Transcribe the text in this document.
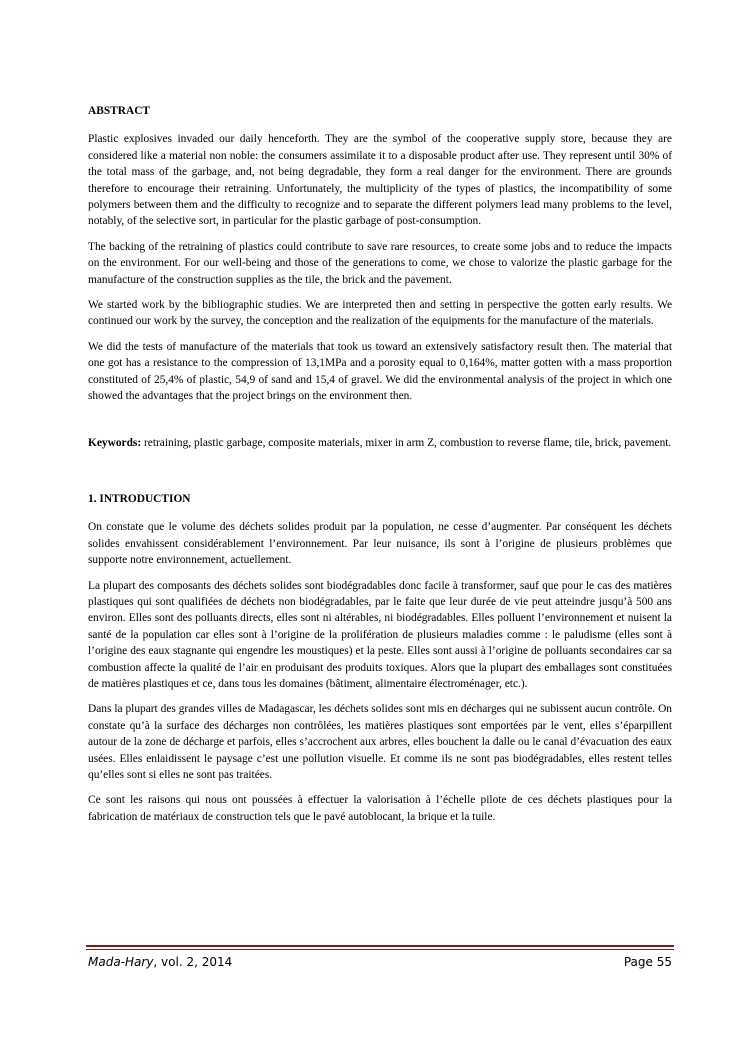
ABSTRACT

Plastic explosives invaded our daily henceforth. They are the symbol of the cooperative supply store, because they are considered like a material non noble: the consumers assimilate it to a disposable product after use. They represent until 30% of the total mass of the garbage, and, not being degradable, they form a real danger for the environment. There are grounds therefore to encourage their retraining. Unfortunately, the multiplicity of the types of plastics, the incompatibility of some polymers between them and the difficulty to recognize and to separate the different polymers lead many problems to the level, notably, of the selective sort, in particular for the plastic garbage of post-consumption.

The backing of the retraining of plastics could contribute to save rare resources, to create some jobs and to reduce the impacts on the environment. For our well-being and those of the generations to come, we chose to valorize the plastic garbage for the manufacture of the construction supplies as the tile, the brick and the pavement.

We started work by the bibliographic studies. We are interpreted then and setting in perspective the gotten early results. We continued our work by the survey, the conception and the realization of the equipments for the manufacture of the materials.

We did the tests of manufacture of the materials that took us toward an extensively satisfactory result then. The material that one got has a resistance to the compression of 13,1MPa and a porosity equal to 0,164%, matter gotten with a mass proportion constituted of 25,4% of plastic, 54,9 of sand and 15,4 of gravel. We did the environmental analysis of the project in which one showed the advantages that the project brings on the environment then.

Keywords: retraining, plastic garbage, composite materials, mixer in arm Z, combustion to reverse flame, tile, brick, pavement.

1. INTRODUCTION

On constate que le volume des déchets solides produit par la population, ne cesse d’augmenter. Par conséquent les déchets solides envahissent considérablement l’environnement. Par leur nuisance, ils sont à l’origine de plusieurs problèmes que supporte notre environnement, actuellement.

La plupart des composants des déchets solides sont biodégradables donc facile à transformer, sauf que pour le cas des matières plastiques qui sont qualifiées de déchets non biodégradables, par le faite que leur durée de vie peut atteindre jusqu’à 500 ans environ. Elles sont des polluants directs, elles sont ni altérables, ni biodégradables. Elles polluent l’environnement et nuisent la santé de la population car elles sont à l’origine de la prolifération de plusieurs maladies comme : le paludisme (elles sont à l’origine des eaux stagnante qui engendre les moustiques) et la peste. Elles sont aussi à l’origine de polluants secondaires car sa combustion affecte la qualité de l’air en produisant des produits toxiques. Alors que la plupart des emballages sont constituées de matières plastiques et ce, dans tous les domaines (bâtiment, alimentaire électroménager, etc.).

Dans la plupart des grandes villes de Madagascar, les déchets solides sont mis en décharges qui ne subissent aucun contrôle. On constate qu’à la surface des décharges non contrôlées, les matières plastiques sont emportées par le vent, elles s’éparpillent autour de la zone de décharge et parfois, elles s’accrochent aux arbres, elles bouchent la dalle ou le canal d’évacuation des eaux usées. Elles enlaidissent le paysage c’est une pollution visuelle. Et comme ils ne sont pas biodégradables, elles restent telles qu’elles sont si elles ne sont pas traitées.

Ce sont les raisons qui nous ont poussées à effectuer la valorisation à l’échelle pilote de ces déchets plastiques pour la fabrication de matériaux de construction tels que le pavé autoblocant, la brique et la tuile.

Mada-Hary, vol. 2, 2014	Page 55
